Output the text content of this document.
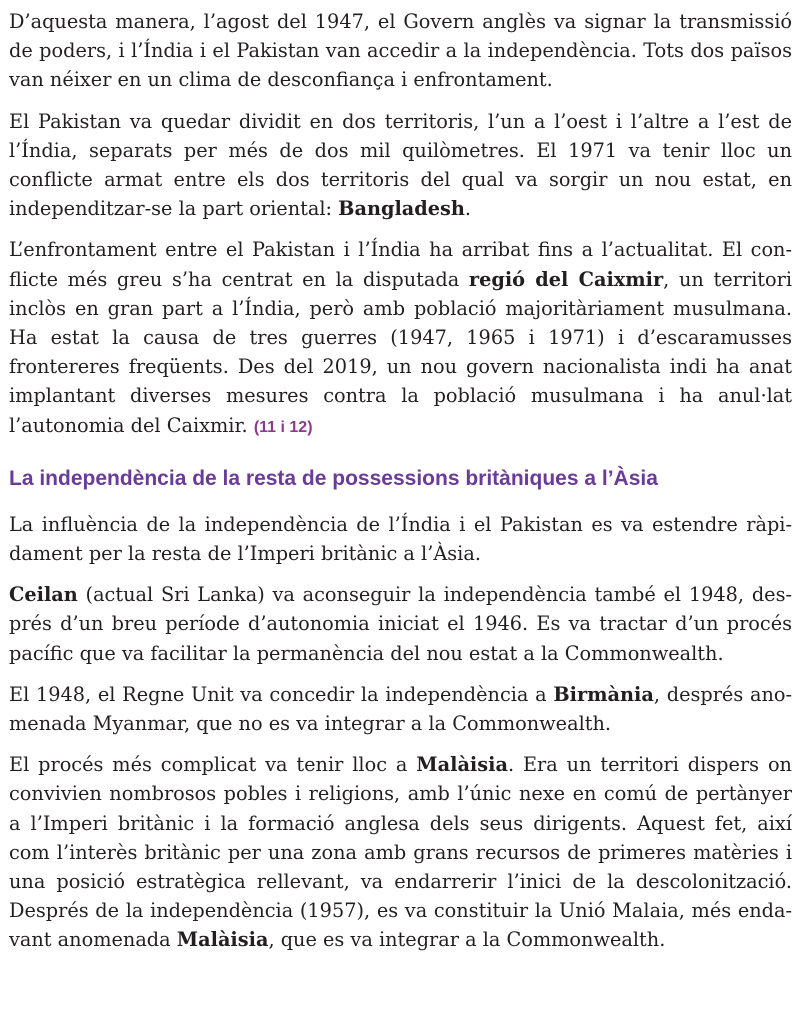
D’aquesta manera, l’agost del 1947, el Govern anglès va signar la transmissió de poders, i l’Índia i el Pakistan van accedir a la independència. Tots dos països van néixer en un clima de desconfiança i enfrontament.

El Pakistan va quedar dividit en dos territoris, l’un a l’oest i l’altre a l’est de l’Índia, separats per més de dos mil quilòmetres. El 1971 va tenir lloc un conflicte armat entre els dos territoris del qual va sorgir un nou estat, en independitzar-se la part oriental: Bangladesh.

L’enfrontament entre el Pakistan i l’Índia ha arribat fins a l’actualitat. El conflicte més greu s’ha centrat en la disputada regió del Caixmir, un territori inclòs en gran part a l’Índia, però amb població majoritàriament musulmana. Ha estat la causa de tres guerres (1947, 1965 i 1971) i d’escaramusses frontereres freqüents. Des del 2019, un nou govern nacionalista indi ha anat implantant diverses mesures contra la població musulmana i ha anul·lat l’autonomia del Caixmir. (11 i 12)

La independència de la resta de possessions britàniques a l’Àsia

La influència de la independència de l’Índia i el Pakistan es va estendre ràpidament per la resta de l’Imperi britànic a l’Àsia.

Ceilan (actual Sri Lanka) va aconseguir la independència també el 1948, després d’un breu període d’autonomia iniciat el 1946. Es va tractar d’un procés pacífic que va facilitar la permanència del nou estat a la Commonwealth.

El 1948, el Regne Unit va concedir la independència a Birmània, després anomenada Myanmar, que no es va integrar a la Commonwealth.

El procés més complicat va tenir lloc a Malàisia. Era un territori dispers on convivien nombrosos pobles i religions, amb l’únic nexe en comú de pertànyer a l’Imperi britànic i la formació anglesa dels seus dirigents. Aquest fet, així com l’interès britànic per una zona amb grans recursos de primeres matèries i una posició estratègica rellevant, va endarrerir l’inici de la descolonització. Després de la independència (1957), es va constituir la Unió Malaia, més endavant anomenada Malàisia, que es va integrar a la Commonwealth.
